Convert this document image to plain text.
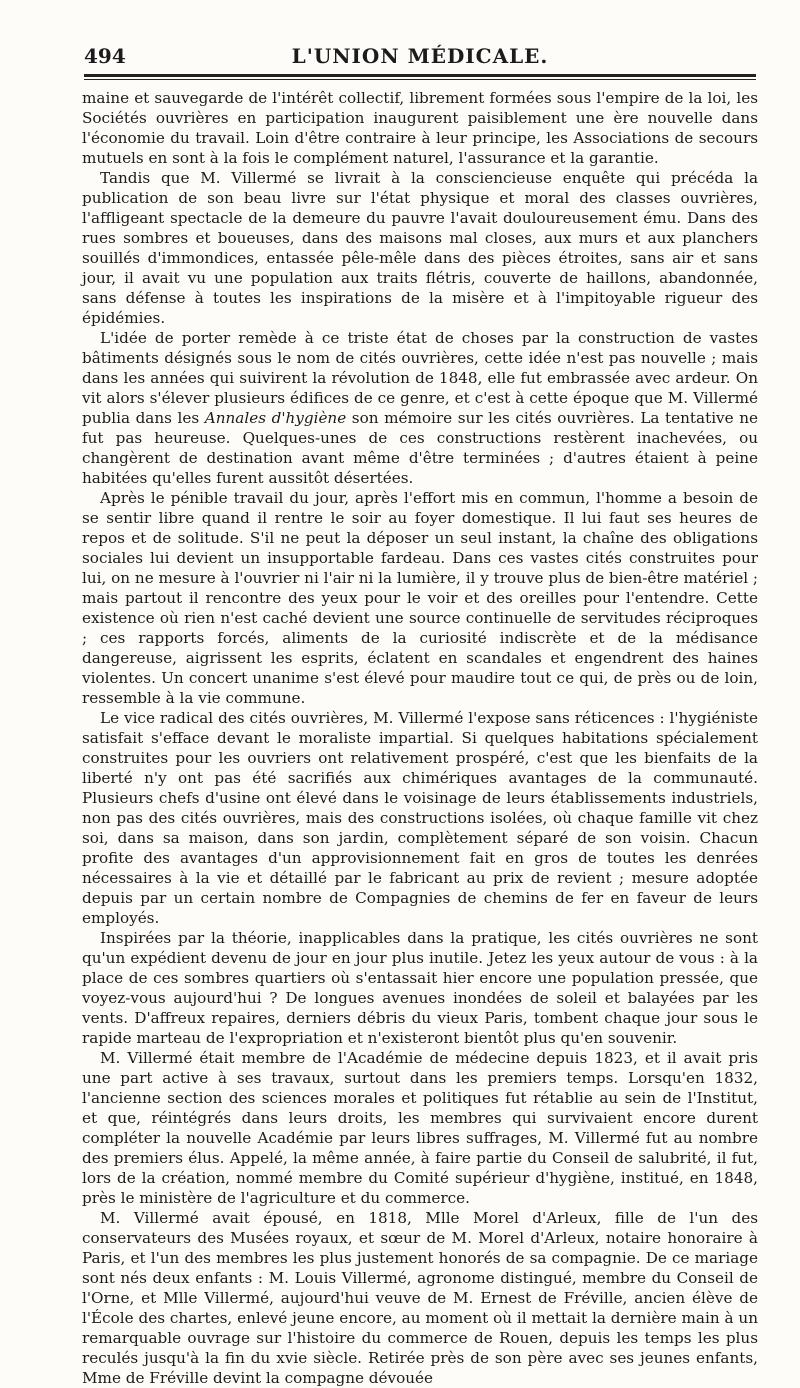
494	L'UNION MÉDICALE.

maine et sauvegarde de l'intérêt collectif, librement formées sous l'empire de la loi, les Sociétés ouvrières en participation inaugurent paisiblement une ère nouvelle dans l'économie du travail. Loin d'être contraire à leur principe, les Associations de secours mutuels en sont à la fois le complément naturel, l'assurance et la garantie.

Tandis que M. Villermé se livrait à la consciencieuse enquête qui précéda la publication de son beau livre sur l'état physique et moral des classes ouvrières, l'affligeant spectacle de la demeure du pauvre l'avait douloureusement ému. Dans des rues sombres et boueuses, dans des maisons mal closes, aux murs et aux planchers souillés d'immondices, entassée pêle-mêle dans des pièces étroites, sans air et sans jour, il avait vu une population aux traits flétris, couverte de haillons, abandonnée, sans défense à toutes les inspirations de la misère et à l'impitoyable rigueur des épidémies.

L'idée de porter remède à ce triste état de choses par la construction de vastes bâtiments désignés sous le nom de cités ouvrières, cette idée n'est pas nouvelle ; mais dans les années qui suivirent la révolution de 1848, elle fut embrassée avec ardeur. On vit alors s'élever plusieurs édifices de ce genre, et c'est à cette époque que M. Villermé publia dans les Annales d'hygiène son mémoire sur les cités ouvrières. La tentative ne fut pas heureuse. Quelques-unes de ces constructions restèrent inachevées, ou changèrent de destination avant même d'être terminées ; d'autres étaient à peine habitées qu'elles furent aussitôt désertées.

Après le pénible travail du jour, après l'effort mis en commun, l'homme a besoin de se sentir libre quand il rentre le soir au foyer domestique. Il lui faut ses heures de repos et de solitude. S'il ne peut la déposer un seul instant, la chaîne des obligations sociales lui devient un insupportable fardeau. Dans ces vastes cités construites pour lui, on ne mesure à l'ouvrier ni l'air ni la lumière, il y trouve plus de bien-être matériel ; mais partout il rencontre des yeux pour le voir et des oreilles pour l'entendre. Cette existence où rien n'est caché devient une source continuelle de servitudes réciproques ; ces rapports forcés, aliments de la curiosité indiscrète et de la médisance dangereuse, aigrissent les esprits, éclatent en scandales et engendrent des haines violentes. Un concert unanime s'est élevé pour maudire tout ce qui, de près ou de loin, ressemble à la vie commune.

Le vice radical des cités ouvrières, M. Villermé l'expose sans réticences : l'hygiéniste satisfait s'efface devant le moraliste impartial. Si quelques habitations spécialement construites pour les ouvriers ont relativement prospéré, c'est que les bienfaits de la liberté n'y ont pas été sacrifiés aux chimériques avantages de la communauté. Plusieurs chefs d'usine ont élevé dans le voisinage de leurs établissements industriels, non pas des cités ouvrières, mais des constructions isolées, où chaque famille vit chez soi, dans sa maison, dans son jardin, complètement séparé de son voisin. Chacun profite des avantages d'un approvisionnement fait en gros de toutes les denrées nécessaires à la vie et détaillé par le fabricant au prix de revient ; mesure adoptée depuis par un certain nombre de Compagnies de chemins de fer en faveur de leurs employés.

Inspirées par la théorie, inapplicables dans la pratique, les cités ouvrières ne sont qu'un expédient devenu de jour en jour plus inutile. Jetez les yeux autour de vous : à la place de ces sombres quartiers où s'entassait hier encore une population pressée, que voyez-vous aujourd'hui ? De longues avenues inondées de soleil et balayées par les vents. D'affreux repaires, derniers débris du vieux Paris, tombent chaque jour sous le rapide marteau de l'expropriation et n'existeront bientôt plus qu'en souvenir.

M. Villermé était membre de l'Académie de médecine depuis 1823, et il avait pris une part active à ses travaux, surtout dans les premiers temps. Lorsqu'en 1832, l'ancienne section des sciences morales et politiques fut rétablie au sein de l'Institut, et que, réintégrés dans leurs droits, les membres qui survivaient encore durent compléter la nouvelle Académie par leurs libres suffrages, M. Villermé fut au nombre des premiers élus. Appelé, la même année, à faire partie du Conseil de salubrité, il fut, lors de la création, nommé membre du Comité supérieur d'hygiène, institué, en 1848, près le ministère de l'agriculture et du commerce.

M. Villermé avait épousé, en 1818, Mlle Morel d'Arleux, fille de l'un des conservateurs des Musées royaux, et sœur de M. Morel d'Arleux, notaire honoraire à Paris, et l'un des membres les plus justement honorés de sa compagnie. De ce mariage sont nés deux enfants : M. Louis Villermé, agronome distingué, membre du Conseil de l'Orne, et Mlle Villermé, aujourd'hui veuve de M. Ernest de Fréville, ancien élève de l'École des chartes, enlevé jeune encore, au moment où il mettait la dernière main à un remarquable ouvrage sur l'histoire du commerce de Rouen, depuis les temps les plus reculés jusqu'à la fin du xvie siècle. Retirée près de son père avec ses jeunes enfants, Mme de Fréville devint la compagne dévouée
